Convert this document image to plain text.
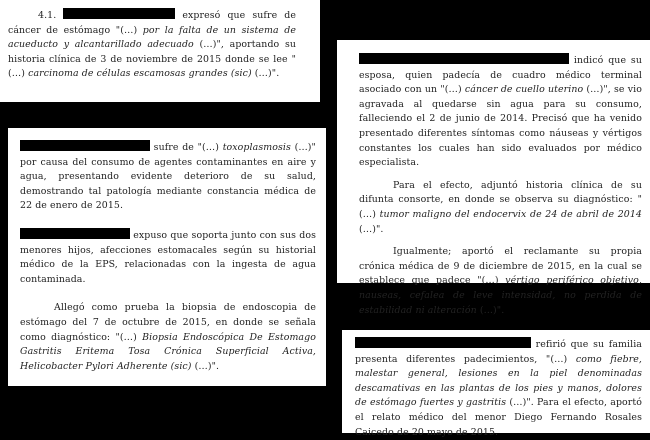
4.1.	expresó que sufre de cáncer de estómago "(…) por la falta de un sistema de acueducto y alcantarillado adecuado (…)", aportando su historia clínica de 3 de noviembre de 2015 donde se lee "(…) carcinoma de células escamosas grandes (sic) (…)".

sufre de "(…) toxoplasmosis (…)" por causa del consumo de agentes contaminantes en aire y agua, presentando evidente deterioro de su salud, demostrando tal patología mediante constancia médica de 22 de enero de 2015.

expuso que soporta junto con sus dos menores hijos, afecciones estomacales según su historial médico de la EPS, relacionadas con la ingesta de agua contaminada.

Allegó como prueba la biopsia de endoscopia de estómago del 7 de octubre de 2015, en donde se señala como diagnóstico: "(…) Biopsia Endoscópica De Estomago Gastritis Eritema Tosa Crónica Superficial Activa, Helicobacter Pylori Adherente (sic) (…)".

indicó que su esposa, quien padecía de cuadro médico terminal asociado con un "(…) cáncer de cuello uterino (…)", se vio agravada al quedarse sin agua para su consumo, falleciendo el 2 de junio de 2014. Precisó que ha venido presentado diferentes síntomas como náuseas y vértigos constantes los cuales han sido evaluados por médico especialista.

Para el efecto, adjuntó historia clínica de su difunta consorte, en donde se observa su diagnóstico: "(…) tumor maligno del endocervix de 24 de abril de 2014 (…)".

Igualmente; aportó el reclamante su propia crónica médica de 9 de diciembre de 2015, en la cual se establece que padece "(…) vértigo periférico objetivo, nauseas, cefalea de leve intensidad, no perdida de estabilidad ni alteración (…)".

refirió que su familia presenta diferentes padecimientos, "(…) como fiebre, malestar general, lesiones en la piel denominadas descamativas en las plantas de los pies y manos, dolores de estómago fuertes y gastritis (…)". Para el efecto, aportó el relato médico del menor Diego Fernando Rosales Caicedo de 20 mayo de 2015.
